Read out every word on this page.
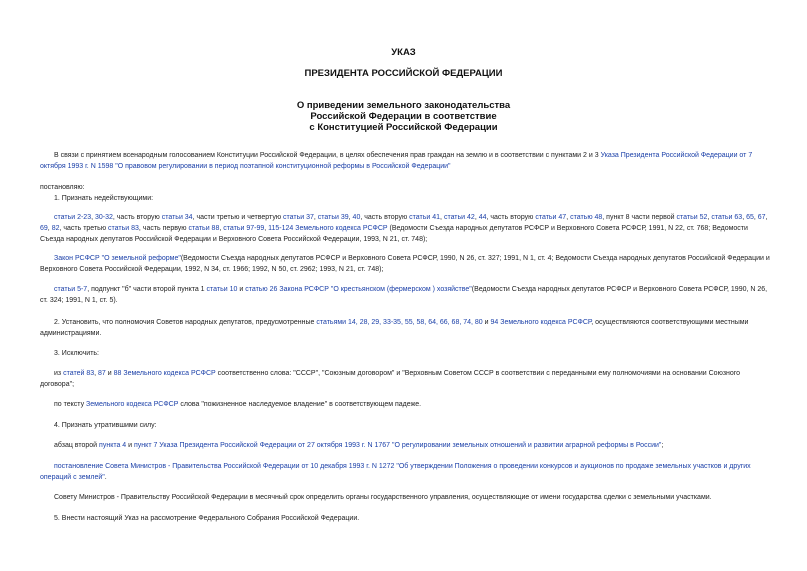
УКАЗ
ПРЕЗИДЕНТА РОССИЙСКОЙ ФЕДЕРАЦИИ
О приведении земельного законодательства
Российской Федерации в соответствие
с Конституцией Российской Федерации

В связи с принятием всенародным голосованием Конституции Российской Федерации, в целях обеспечения прав граждан на землю и в соответствии с пунктами 2 и 3 Указа Президента Российской Федерации от 7 октября 1993 г. N 1598 "О правовом регулировании в период поэтапной конституционной реформы в Российской Федерации"

постановляю:

1. Признать недействующими:

статьи 2-23, 30-32, часть вторую статьи 34, части третью и четвертую статьи 37, статьи 39, 40, часть вторую статьи 41, статьи 42, 44, часть вторую статьи 47, статью 48, пункт 8 части первой статьи 52, статьи 63, 65, 67, 69, 82, часть третью статьи 83, часть первую статьи 88, статьи 97-99, 115-124 Земельного кодекса РСФСР (Ведомости Съезда народных депутатов РСФСР и Верховного Совета РСФСР, 1991, N 22, ст. 768; Ведомости Съезда народных депутатов Российской Федерации и Верховного Совета Российской Федерации, 1993, N 21, ст. 748);

Закон РСФСР "О земельной реформе"(Ведомости Съезда народных депутатов РСФСР и Верховного Совета РСФСР, 1990, N 26, ст. 327; 1991, N 1, ст. 4; Ведомости Съезда народных депутатов Российской Федерации и Верховного Совета Российской Федерации, 1992, N 34, ст. 1966; 1992, N 50, ст. 2962; 1993, N 21, ст. 748);

статьи 5-7, подпункт "б" части второй пункта 1 статьи 10 и статью 26 Закона РСФСР "О крестьянском (фермерском ) хозяйстве"(Ведомости Съезда народных депутатов РСФСР и Верховного Совета РСФСР, 1990, N 26, ст. 324; 1991, N 1, ст. 5).

2. Установить, что полномочия Советов народных депутатов, предусмотренные статьями 14, 28, 29, 33-35, 55, 58, 64, 66, 68, 74, 80 и 94 Земельного кодекса РСФСР, осуществляются соответствующими местными администрациями.

3. Исключить:

из статей 83, 87 и 88 Земельного кодекса РСФСР соответственно слова: "СССР", "Союзным договором" и "Верховным Советом СССР в соответствии с переданными ему полномочиями на основании Союзного договора";

по тексту Земельного кодекса РСФСР слова "пожизненное наследуемое владение" в соответствующем падеже.

4. Признать утратившими силу:

абзац второй пункта 4 и пункт 7 Указа Президента Российской Федерации от 27 октября 1993 г. N 1767 "О регулировании земельных отношений и развитии аграрной реформы в России";

постановление Совета Министров - Правительства Российской Федерации от 10 декабря 1993 г. N 1272 "Об утверждении Положения о проведении конкурсов и аукционов по продаже земельных участков и других операций с землей".

Совету Министров - Правительству Российской Федерации в месячный срок определить органы государственного управления, осуществляющие от имени государства сделки с земельными участками.

5. Внести настоящий Указ на рассмотрение Федерального Собрания Российской Федерации.
